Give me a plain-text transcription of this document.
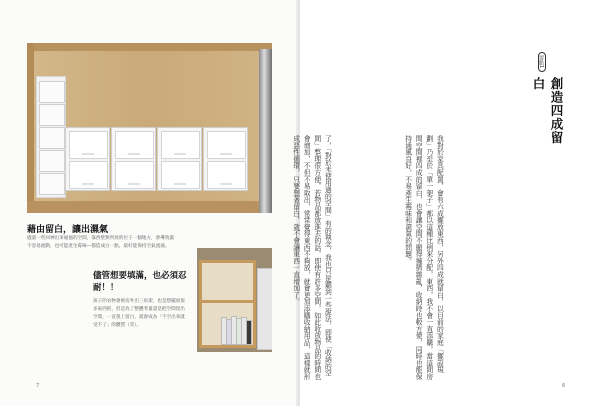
藉由留白，讓出濕氣
儘量一些回神出來通風的空間，靠西壁無所放的位子一個地方，會導致濕不容易流動，也可能產生霉味—都造成白一點，最好能保持空氣流通。
儘管想要填滿，也必須忍耐！！
孩子的衣物會被房外出三角架，也是想擺放很多東西的，但是為了整體考量還是把空間留出空間，一直很上留白，就會成為「不空出來就受不了」的體質（笑）。
7
要點1
創造四成留白

我對於家具配置，會有六成擺放東西，另外四成就留白，以目前的家庭「擺設規劃」乃至於「單一架子」都以這種比例來分配，東西，我不會一直添購，當這間房間空間裡四成的留白，也會讓空間不顯得擁擠雜亂，收納時也較方便，同時也能保持通風良好，不易產生霉味和濕氣的問題。

了，「對於未使用過的空間」有的執念，我也只是聽到一些說法，即使「收納的空間」整理很方便，若物品都放進去的話，即使有許多空間，如此收放物品的時間也會增加，不但不易取出，常常覺得東西不夠放，就會更加添購收納用品，這樣就形成惡性循環，只要想著留白，就不會讓東西一直增加了。

6
